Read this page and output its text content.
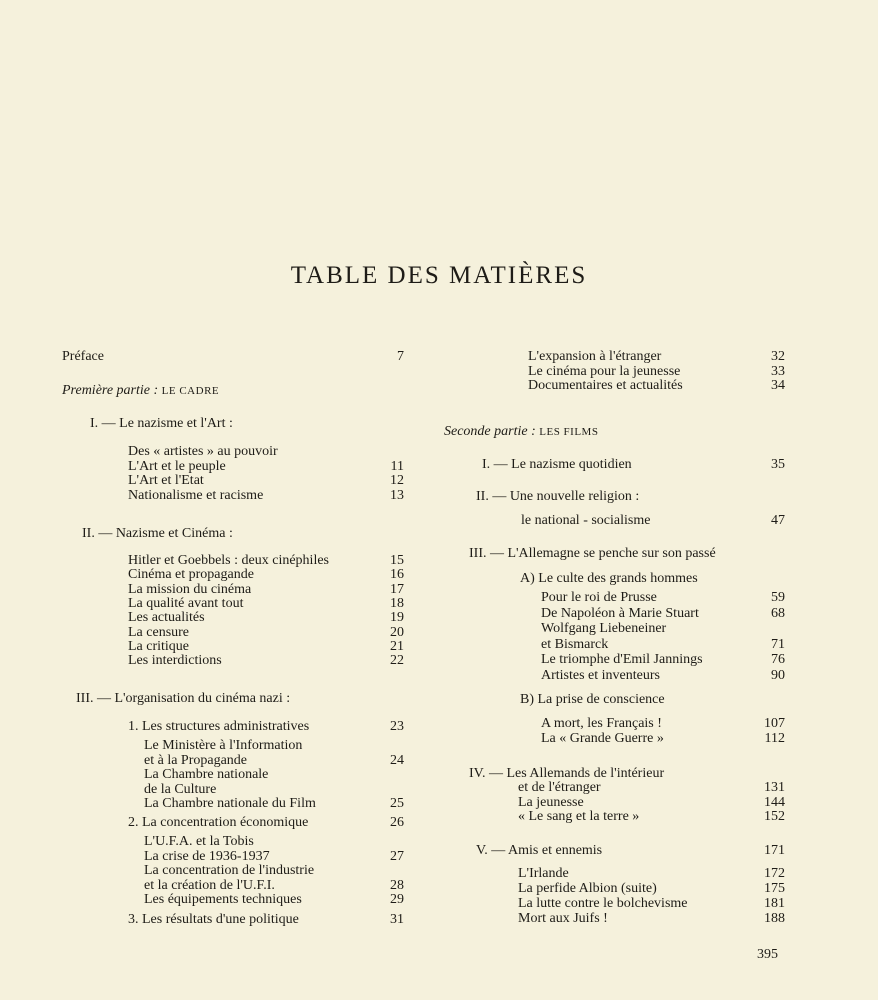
TABLE DES MATIÈRES
Préface	7
Première partie : LE CADRE
I. — Le nazisme et l'Art :
Des « artistes » au pouvoir
L'Art et le peuple	11
L'Art et l'Etat	12
Nationalisme et racisme	13
II. — Nazisme et Cinéma :
Hitler et Goebbels : deux cinéphiles	15
Cinéma et propagande	16
La mission du cinéma	17
La qualité avant tout	18
Les actualités	19
La censure	20
La critique	21
Les interdictions	22
III. — L'organisation du cinéma nazi :
1. Les structures administratives	23
Le Ministère à l'Information
et à la Propagande	24
La Chambre nationale
de la Culture
La Chambre nationale du Film	25
2. La concentration économique	26
L'U.F.A. et la Tobis
La crise de 1936-1937	27
La concentration de l'industrie
et la création de l'U.F.I.	28
Les équipements techniques	29
3. Les résultats d'une politique	31
L'expansion à l'étranger	32
Le cinéma pour la jeunesse	33
Documentaires et actualités	34
Seconde partie : LES FILMS
I. — Le nazisme quotidien	35
II. — Une nouvelle religion :
le national - socialisme	47
III. — L'Allemagne se penche sur son passé
A) Le culte des grands hommes
Pour le roi de Prusse	59
De Napoléon à Marie Stuart	68
Wolfgang Liebeneiner
et Bismarck	71
Le triomphe d'Emil Jannings	76
Artistes et inventeurs	90
B) La prise de conscience
A mort, les Français !	107
La « Grande Guerre »	112
IV. — Les Allemands de l'intérieur
et de l'étranger	131
La jeunesse	144
« Le sang et la terre »	152
V. — Amis et ennemis	171
L'Irlande	172
La perfide Albion (suite)	175
La lutte contre le bolchevisme	181
Mort aux Juifs !	188
395
